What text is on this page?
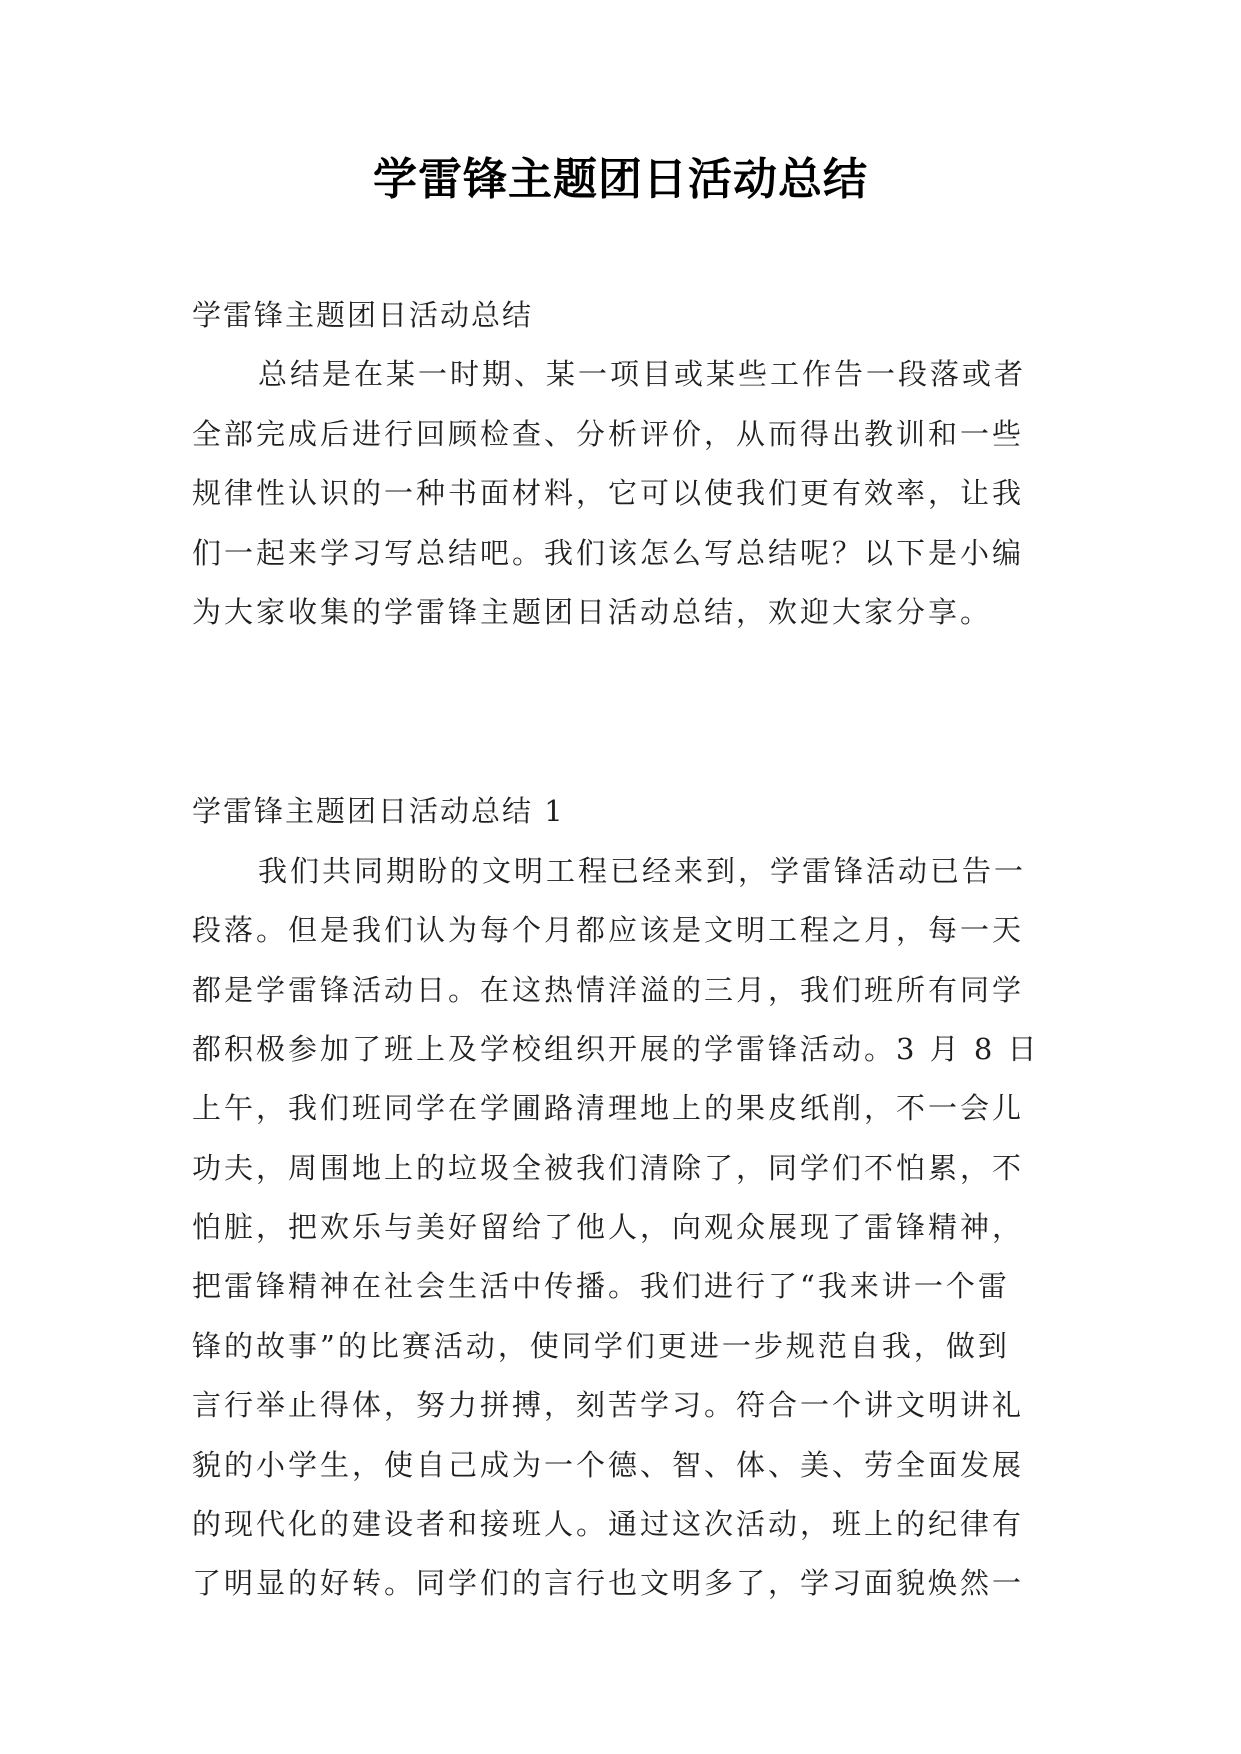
学雷锋主题团日活动总结
学雷锋主题团日活动总结
总结是在某一时期、某一项目或某些工作告一段落或者
全部完成后进行回顾检查、分析评价，从而得出教训和一些
规律性认识的一种书面材料，它可以使我们更有效率，让我
们一起来学习写总结吧。我们该怎么写总结呢？以下是小编
为大家收集的学雷锋主题团日活动总结，欢迎大家分享。
学雷锋主题团日活动总结 1
我们共同期盼的文明工程已经来到，学雷锋活动已告一
段落。但是我们认为每个月都应该是文明工程之月，每一天
都是学雷锋活动日。在这热情洋溢的三月，我们班所有同学
都积极参加了班上及学校组织开展的学雷锋活动。3 月 8 日
上午，我们班同学在学圃路清理地上的果皮纸削，不一会儿
功夫，周围地上的垃圾全被我们清除了，同学们不怕累，不
怕脏，把欢乐与美好留给了他人，向观众展现了雷锋精神，
把雷锋精神在社会生活中传播。我们进行了“我来讲一个雷
锋的故事”的比赛活动，使同学们更进一步规范自我，做到
言行举止得体，努力拼搏，刻苦学习。符合一个讲文明讲礼
貌的小学生，使自己成为一个德、智、体、美、劳全面发展
的现代化的建设者和接班人。通过这次活动，班上的纪律有
了明显的好转。同学们的言行也文明多了，学习面貌焕然一
